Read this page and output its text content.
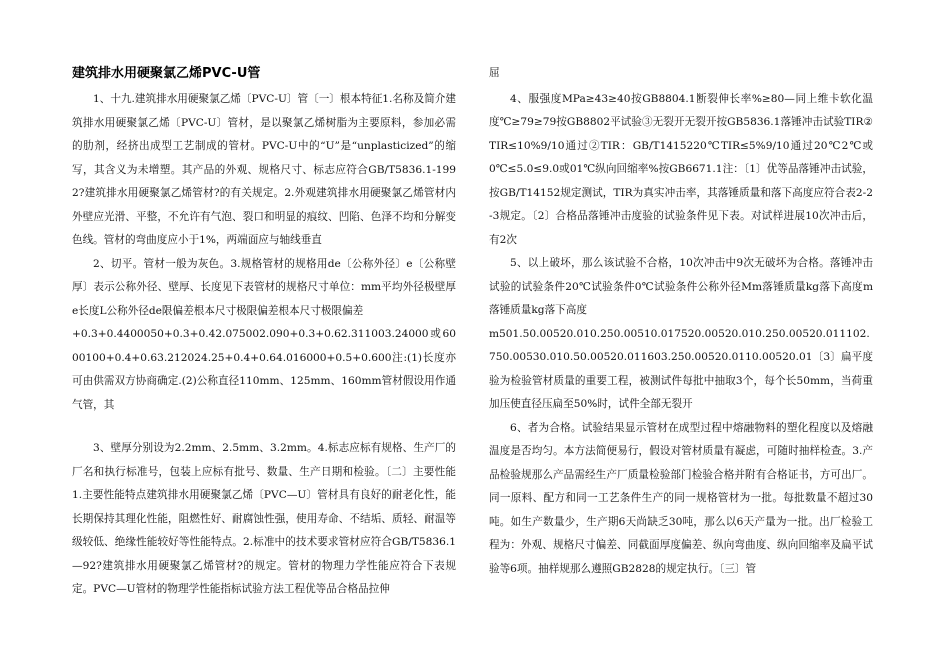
建筑排水用硬聚氯乙烯PVC-U管

1、十九.建筑排水用硬聚氯乙烯〔PVC-U〕管〔一〕根本特征1.名称及简介建筑排水用硬聚氯乙烯〔PVC-U〕管材，是以聚氯乙烯树脂为主要原料，参加必需的肋剂，经挤出成型工艺制成的管材。PVC-U中的“U”是“unplasticized”的缩写，其含义为未增塑。其产品的外观、规格尺寸、标志应符合GB/T5836.1-1992?建筑排水用硬聚氯乙烯管材?的有关规定。2.外观建筑排水用硬聚氯乙烯管材内外壁应光滑、平整，不允许有气泡、裂口和明显的痕纹、凹陷、色泽不均和分解变色线。管材的弯曲度应小于1%，两端面应与轴线垂直

2、切平。管材一般为灰色。3.规格管材的规格用de〔公称外径〕e〔公称壁厚〕表示公称外径、壁厚、长度见下表管材的规格尺寸单位：mm平均外径极壁厚e长度L公称外径de限偏差根本尺寸极限偏差根本尺寸极限偏差

+0.3+0.4400050+0.3+0.42.075002.090+0.3+0.62.311003.24000或6000100+0.4+0.63.212024.25+0.4+0.64.016000+0.5+0.600注:(1)长度亦可由供需双方协商确定.(2)公称直径110mm、125mm、160mm管材假设用作通气管，其

3、壁厚分别设为2.2mm、2.5mm、3.2mm。4.标志应标有规格、生产厂的厂名和执行标准号，包装上应标有批号、数量、生产日期和检验。〔二〕主要性能1.主要性能特点建筑排水用硬聚氯乙烯〔PVC—U〕管材具有良好的耐老化性，能长期保持其理化性能，阻燃性好、耐腐蚀性强，使用寿命、不结垢、质轻、耐温等级较低、绝缘性能较好等性能特点。2.标准中的技术要求管材应符合GB/T5836.1—92?建筑排水用硬聚氯乙烯管材?的规定。管材的物理力学性能应符合下表规定。PVC—U管材的物理学性能指标试验方法工程优等品合格品拉伸

屈

4、服强度MPa≥43≥40按GB8804.1断裂伸长率%≥80—同上维卡软化温度℃≥79≥79按GB8802平试验③无裂开无裂开按GB5836.1落锤冲击试验TIR②TIR≤10%9/10通过②TIR：GB/T1415220℃TIR≤5%9/10通过20℃2℃或0℃≤5.0≤9.0或01℃纵向回缩率%按GB6671.1注：〔1〕优等品落锤冲击试验，按GB/T14152规定测试，TIR为真实冲击率，其落锤质量和落下高度应符合表2-2-3规定。〔2〕合格品落锤冲击度验的试验条件见下表。对试样进展10次冲击后，有2次

5、以上破坏，那么该试验不合格，10次冲击中9次无破坏为合格。落锤冲击试验的试验条件20℃试验条件0℃试验条件公称外径Mm落锤质量kg落下高度m落锤质量kg落下高度

m501.50.00520.010.250.00510.017520.00520.010.250.00520.011102.750.00530.010.50.00520.011603.250.00520.0110.00520.01〔3〕扁平度验为检验管材质量的重要工程，被测试件每批中抽取3个，每个长50mm，当荷重加压使直径压扁至50%时，试件全部无裂开

6、者为合格。试验结果显示管材在成型过程中熔融物料的塑化程度以及熔融温度是否均匀。本方法简便易行，假设对管材质量有凝虑，可随时抽样检查。3.产品检验规那么产品需经生产厂质量检验部门检验合格并附有合格证书，方可出厂。同一原料、配方和同一工艺条件生产的同一规格管材为一批。每批数量不超过30吨。如生产数量少，生产期6天尚缺乏30吨，那么以6天产量为一批。出厂检验工程为：外观、规格尺寸偏差、同截面厚度偏差、纵向弯曲度、纵向回缩率及扁平试验等6项。抽样规那么遵照GB2828的规定执行。〔三〕管
